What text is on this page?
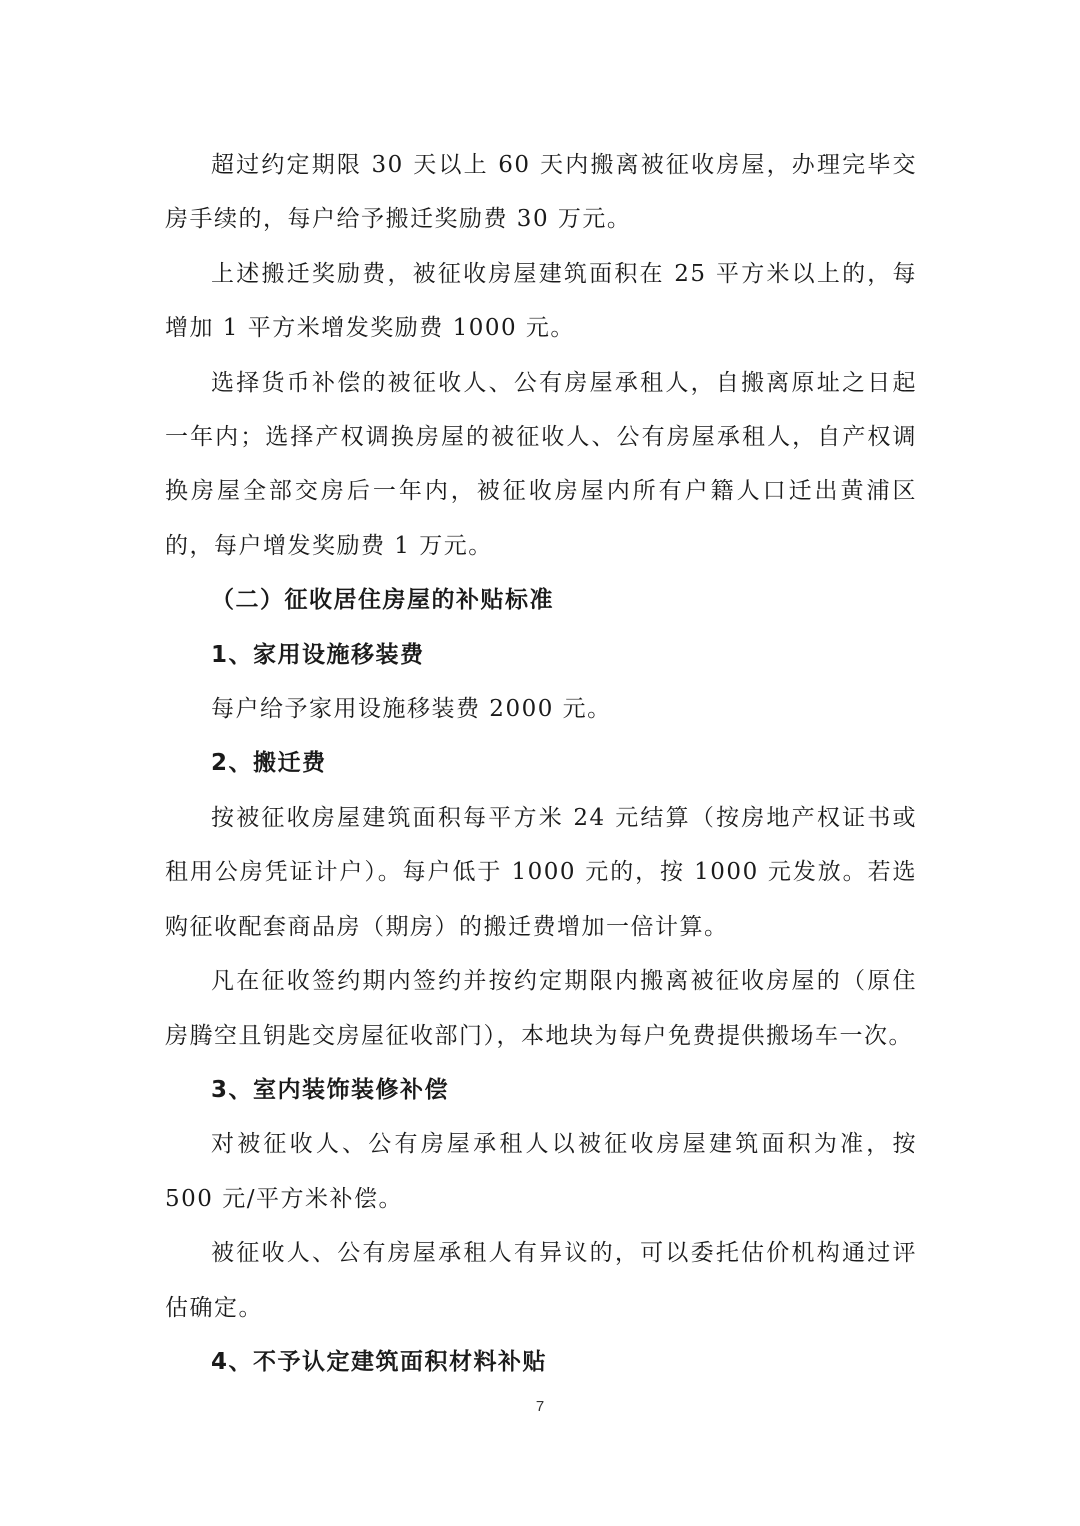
超过约定期限 30 天以上 60 天内搬离被征收房屋，办理完毕交房手续的，每户给予搬迁奖励费 30 万元。

上述搬迁奖励费，被征收房屋建筑面积在 25 平方米以上的，每增加 1 平方米增发奖励费 1000 元。

选择货币补偿的被征收人、公有房屋承租人，自搬离原址之日起一年内；选择产权调换房屋的被征收人、公有房屋承租人，自产权调换房屋全部交房后一年内，被征收房屋内所有户籍人口迁出黄浦区的，每户增发奖励费 1 万元。

（二）征收居住房屋的补贴标准

1、家用设施移装费

每户给予家用设施移装费 2000 元。

2、搬迁费

按被征收房屋建筑面积每平方米 24 元结算（按房地产权证书或租用公房凭证计户）。每户低于 1000 元的，按 1000 元发放。若选购征收配套商品房（期房）的搬迁费增加一倍计算。

凡在征收签约期内签约并按约定期限内搬离被征收房屋的（原住房腾空且钥匙交房屋征收部门），本地块为每户免费提供搬场车一次。

3、室内装饰装修补偿

对被征收人、公有房屋承租人以被征收房屋建筑面积为准，按500 元/平方米补偿。

被征收人、公有房屋承租人有异议的，可以委托估价机构通过评估确定。

4、不予认定建筑面积材料补贴

7
